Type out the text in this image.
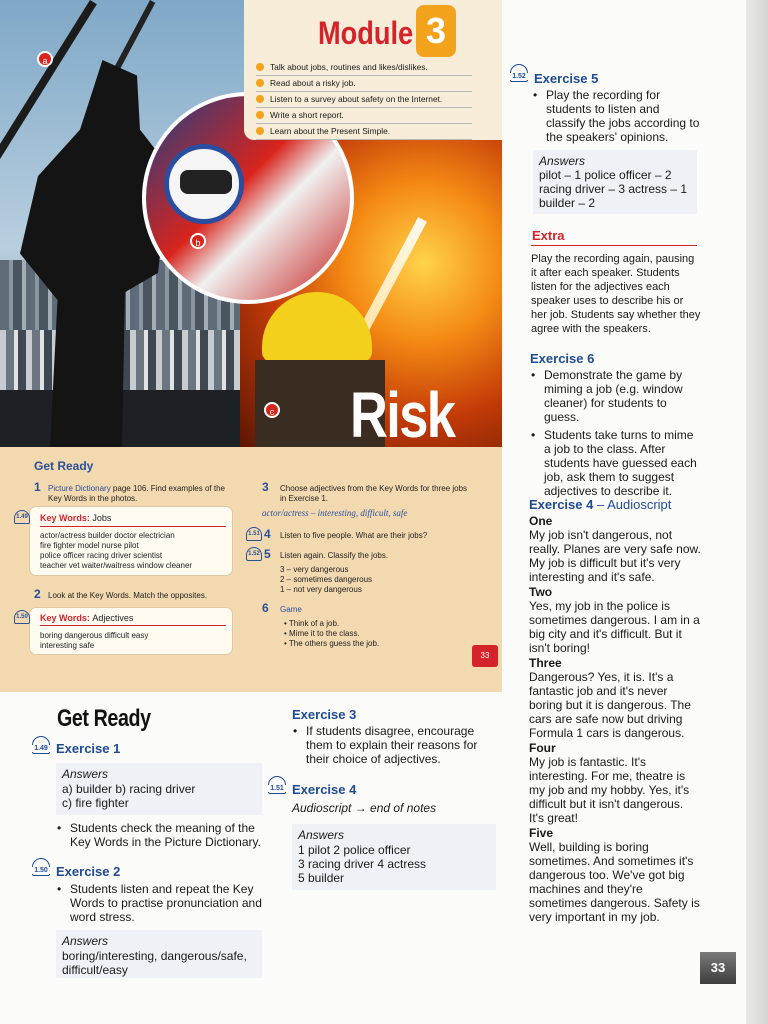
Risk
a
b
c
Module 3
Talk about jobs, routines and likes/dislikes.
Read about a risky job.
Listen to a survey about safety on the Internet.
Write a short report.
Learn about the Present Simple.
Get Ready
1 Picture Dictionary page 106. Find examples of the Key Words in the photos.
1.49 Key Words: Jobs
actor/actress builder doctor electrician
fire fighter model nurse pilot
police officer racing driver scientist
teacher vet waiter/waitress window cleaner
2 Look at the Key Words. Match the opposites.
1.50 Key Words: Adjectives
boring dangerous difficult easy
interesting safe
3 Choose adjectives from the Key Words for three jobs in Exercise 1.
actor/actress – interesting, difficult, safe
1.51 4 Listen to five people. What are their jobs?
1.52 5 Listen again. Classify the jobs.
3 – very dangerous
2 – sometimes dangerous
1 – not very dangerous
6 Game
• Think of a job.
• Mime it to the class.
• The others guess the job.
33
Get Ready
1.49 Exercise 1
Answers
a) builder b) racing driver
c) fire fighter
• Students check the meaning of the Key Words in the Picture Dictionary.
1.50 Exercise 2
• Students listen and repeat the Key Words to practise pronunciation and word stress.
Answers
boring/interesting, dangerous/safe,
difficult/easy
Exercise 3
• If students disagree, encourage them to explain their reasons for their choice of adjectives.
1.51 Exercise 4
Audioscript → end of notes
Answers
1 pilot 2 police officer
3 racing driver 4 actress
5 builder
1.52 Exercise 5
• Play the recording for students to listen and classify the jobs according to the speakers' opinions.
Answers
pilot – 1 police officer – 2
racing driver – 3 actress – 1
builder – 2
Extra
Play the recording again, pausing it after each speaker. Students listen for the adjectives each speaker uses to describe his or her job. Students say whether they agree with the speakers.
Exercise 6
• Demonstrate the game by miming a job (e.g. window cleaner) for students to guess.
• Students take turns to mime a job to the class. After students have guessed each job, ask them to suggest adjectives to describe it.
Exercise 4 – Audioscript
One
My job isn't dangerous, not really. Planes are very safe now. My job is difficult but it's very interesting and it's safe.
Two
Yes, my job in the police is sometimes dangerous. I am in a big city and it's difficult. But it isn't boring!
Three
Dangerous? Yes, it is. It's a fantastic job and it's never boring but it is dangerous. The cars are safe now but driving Formula 1 cars is dangerous.
Four
My job is fantastic. It's interesting. For me, theatre is my job and my hobby. Yes, it's difficult but it isn't dangerous. It's great!
Five
Well, building is boring sometimes. And sometimes it's dangerous too. We've got big machines and they're sometimes dangerous. Safety is very important in my job.
33
